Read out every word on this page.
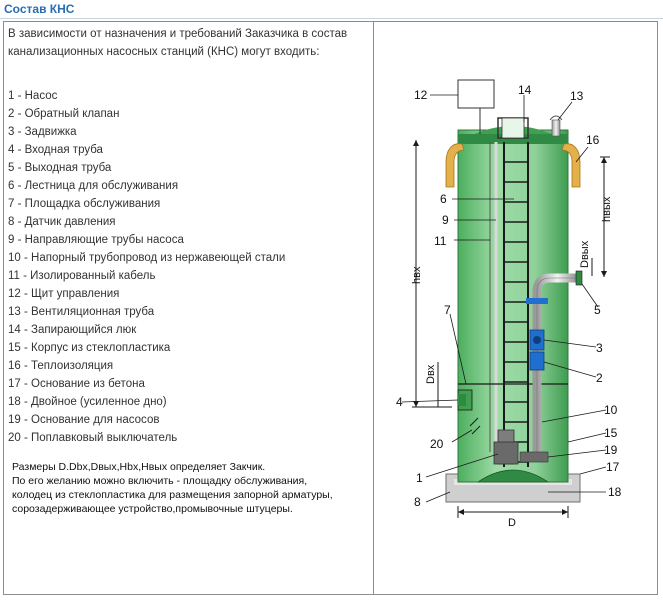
Состав КНС
В зависимости от назначения и требований Заказчика в состав канализационных насосных станций (КНС) могут входить:
1 - Насос
2 - Обратный клапан
3 - Задвижка
4 - Входная труба
5 - Выходная труба
6 - Лестница для обслуживания
7 - Площадка обслуживания
8 - Датчик давления
9 - Направляющие трубы насоса
10 - Напорный трубопровод из нержавеющей стали
11 - Изолированный кабель
12 - Щит управления
13 - Вентиляционная труба
14 - Запирающийся люк
15 - Корпус из стеклопластика
16 - Теплоизоляция
17 - Основание из бетона
18 - Двойное (усиленное дно)
19 - Основание для насосов
20 - Поплавковый выключатель
Размеры D.Dbx,Dвых,Hbx,Hвых определяет Закчик.
По его желанию можно включить - площадку обслуживания,
колодец из стеклопластика для размещения запорной арматуры,
сорозадерживающее устройство,промывочные штуцеры.
12	14	13
16
6
9
11
5
7
3
2
4
10
20
15
19
17
1
18
8
hвх
hвых
Dвых
Dвх
D
